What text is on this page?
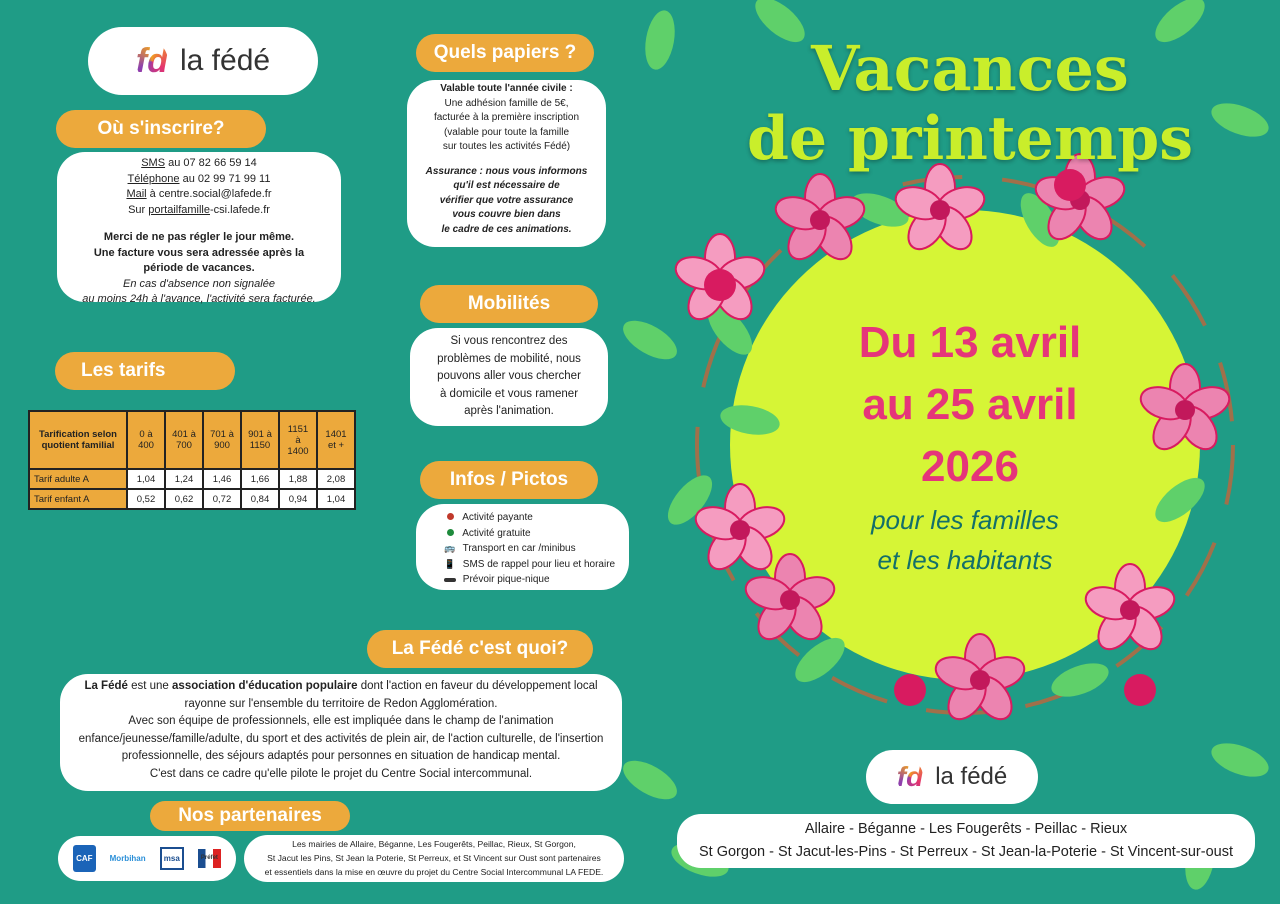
fd la fédé
Où s'inscrire?
SMS au 07 82 66 59 14
Téléphone au 02 99 71 99 11
Mail à centre.social@lafede.fr
Sur portailfamille-csi.lafede.fr
Merci de ne pas régler le jour même.
Une facture vous sera adressée après la
période de vacances.
En cas d'absence non signalée
au moins 24h à l'avance, l'activité sera facturée.
Les tarifs
Tarification selon quotient familial	0 à 400	401 à 700	701 à 900	901 à 1150	1151 à 1400	1401 et +
Tarif adulte A	1,04	1,24	1,46	1,66	1,88	2,08
Tarif enfant A	0,52	0,62	0,72	0,84	0,94	1,04
Quels papiers ?
Valable toute l'année civile :
Une adhésion famille de 5€,
facturée à la première inscription
(valable pour toute la famille
sur toutes les activités Fédé)
Assurance : nous vous informons
qu'il est nécessaire de
vérifier que votre assurance
vous couvre bien dans
le cadre de ces animations.
Mobilités
Si vous rencontrez des
problèmes de mobilité, nous
pouvons aller vous chercher
à domicile et vous ramener
après l'animation.
Infos / Pictos
Activité payante
Activité gratuite
🚌 Transport en car /minibus
📱 SMS de rappel pour lieu et horaire
Prévoir pique-nique
La Fédé c'est quoi?
La Fédé est une association d'éducation populaire dont l'action en faveur du développement local rayonne sur l'ensemble du territoire de Redon Agglomération.
Avec son équipe de professionnels, elle est impliquée dans le champ de l'animation enfance/jeunesse/famille/adulte, du sport et des activités de plein air, de l'action culturelle, de l'insertion professionnelle, des séjours adaptés pour personnes en situation de handicap mental.
C'est dans ce cadre qu'elle pilote le projet du Centre Social intercommunal.
Nos partenaires
CAF	Morbihan	msa	Préfet
Les mairies de Allaire, Béganne, Les Fougerêts, Peillac, Rieux, St Gorgon,
St Jacut les Pins, St Jean la Poterie, St Perreux, et St Vincent sur Oust sont partenaires
et essentiels dans la mise en œuvre du projet du Centre Social Intercommunal LA FEDE.
Vacances
de printemps
Du 13 avril
au 25 avril
2026
pour les familles
et les habitants
fd la fédé
Allaire - Béganne - Les Fougerêts - Peillac - Rieux
St Gorgon - St Jacut-les-Pins - St Perreux - St Jean-la-Poterie - St Vincent-sur-oust
